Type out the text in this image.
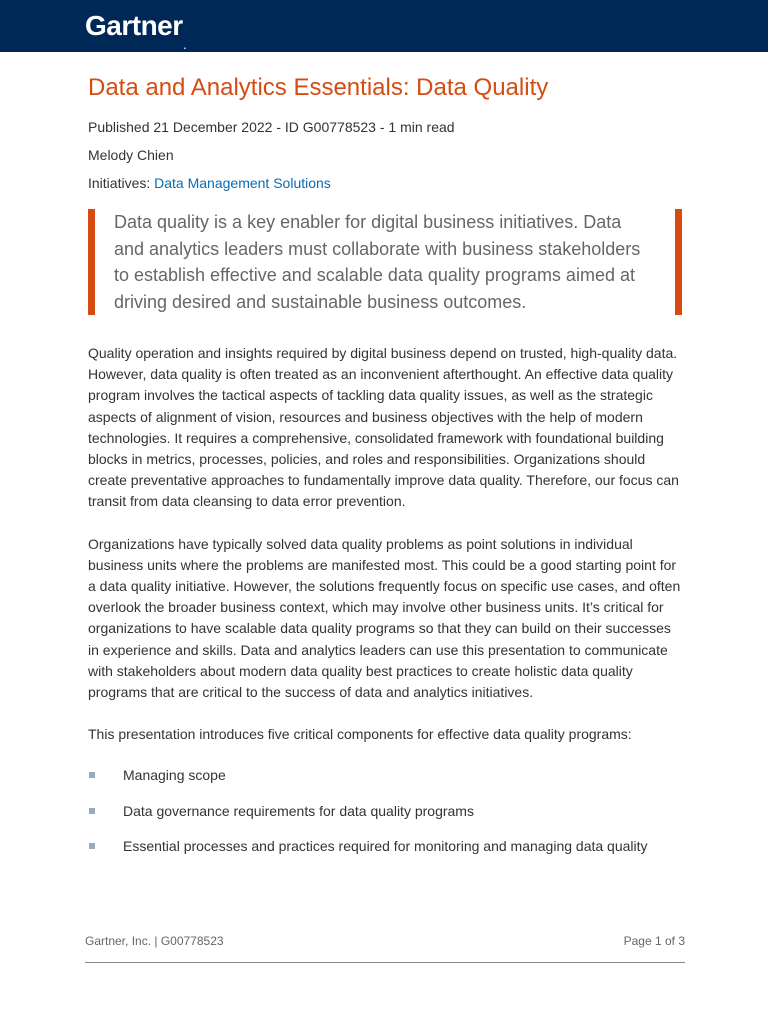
Gartner.
Data and Analytics Essentials: Data Quality
Published 21 December 2022 - ID G00778523 - 1 min read
Melody Chien
Initiatives: Data Management Solutions
Data quality is a key enabler for digital business initiatives. Data and analytics leaders must collaborate with business stakeholders to establish effective and scalable data quality programs aimed at driving desired and sustainable business outcomes.

Quality operation and insights required by digital business depend on trusted, high-quality data. However, data quality is often treated as an inconvenient afterthought. An effective data quality program involves the tactical aspects of tackling data quality issues, as well as the strategic aspects of alignment of vision, resources and business objectives with the help of modern technologies. It requires a comprehensive, consolidated framework with foundational building blocks in metrics, processes, policies, and roles and responsibilities. Organizations should create preventative approaches to fundamentally improve data quality. Therefore, our focus can transit from data cleansing to data error prevention.

Organizations have typically solved data quality problems as point solutions in individual business units where the problems are manifested most. This could be a good starting point for a data quality initiative. However, the solutions frequently focus on specific use cases, and often overlook the broader business context, which may involve other business units. It’s critical for organizations to have scalable data quality programs so that they can build on their successes in experience and skills. Data and analytics leaders can use this presentation to communicate with stakeholders about modern data quality best practices to create holistic data quality programs that are critical to the success of data and analytics initiatives.

This presentation introduces five critical components for effective data quality programs:

Managing scope
Data governance requirements for data quality programs
Essential processes and practices required for monitoring and managing data quality
Gartner, Inc. | G00778523	Page 1 of 3
